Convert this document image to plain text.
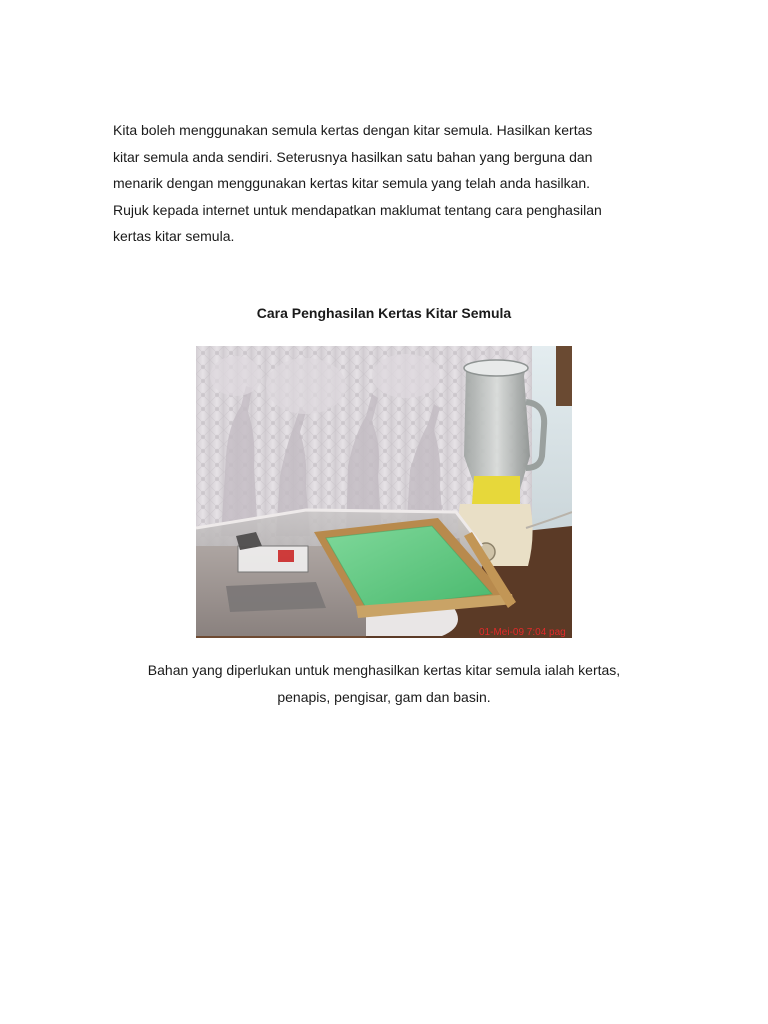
Kita boleh menggunakan semula kertas dengan kitar semula. Hasilkan kertas
kitar semula anda sendiri. Seterusnya hasilkan satu bahan yang berguna dan
menarik dengan menggunakan kertas kitar semula yang telah anda hasilkan.
Rujuk kepada internet untuk mendapatkan maklumat tentang cara penghasilan
kertas kitar semula.

Cara Penghasilan Kertas Kitar Semula
01-Mei-09 7:04 pag

Bahan yang diperlukan untuk menghasilkan kertas kitar semula ialah kertas,
penapis, pengisar, gam dan basin.
